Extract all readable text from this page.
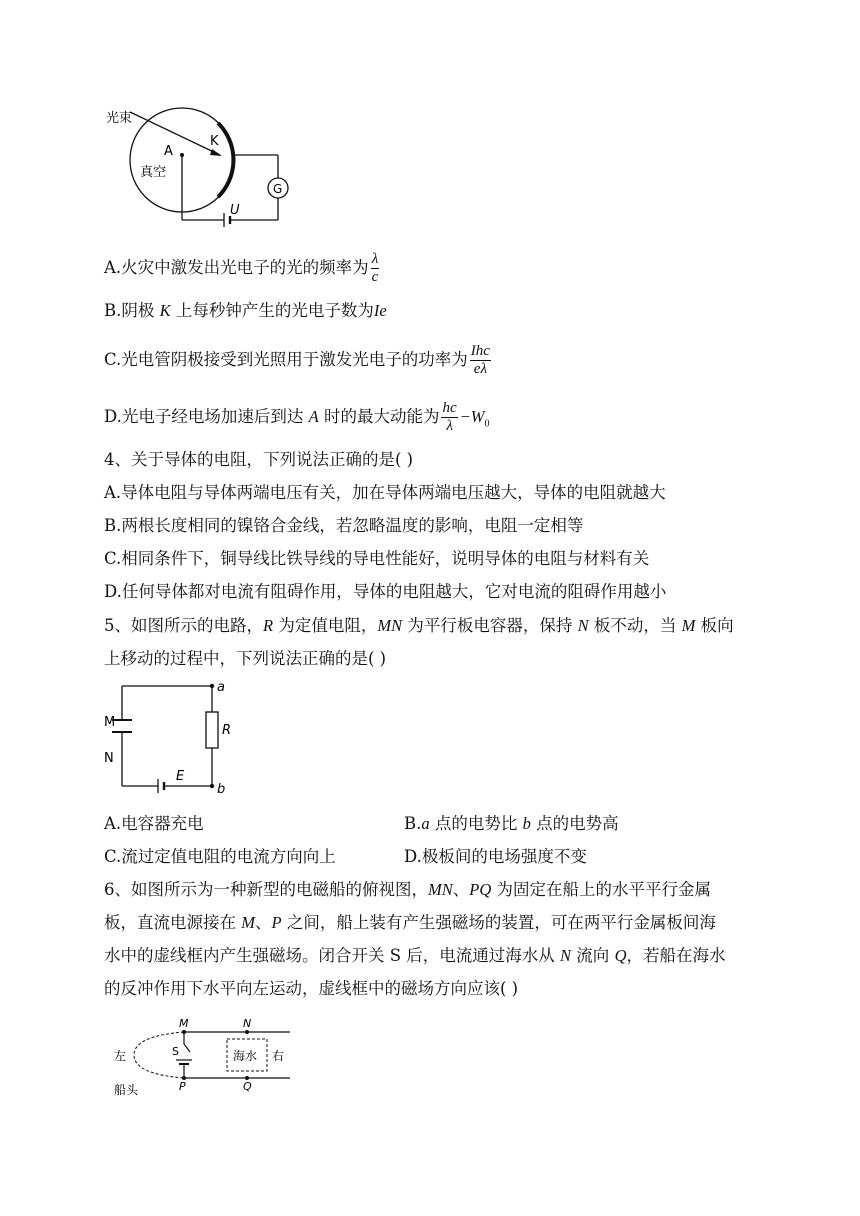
光束
K
A
真空
G
U
A.火灾中激发出光电子的光的频率为 $\frac{\lambda}{c}$
B.阴极 K 上每秒钟产生的光电子数为Ie
C.光电管阴极接受到光照用于激发光电子的功率为 $\frac{\text{Ihc}}{e\lambda}$
D.光电子经电场加速后到达 A 时的最大动能为 $\frac{hc}{\lambda} -W_0$
4、关于导体的电阻，下列说法正确的是( )
A.导体电阻与导体两端电压有关，加在导体两端电压越大，导体的电阻就越大
B.两根长度相同的镍铬合金线，若忽略温度的影响，电阻一定相等
C.相同条件下，铜导线比铁导线的导电性能好，说明导体的电阻与材料有关
D.任何导体都对电流有阻碍作用，导体的电阻越大，它对电流的阻碍作用越小
5、如图所示的电路，R 为定值电阻，MN 为平行板电容器，保持 N 板不动，当 M 板向
上移动的过程中，下列说法正确的是( )
a
b
R
M
N
E
A.电容器充电	B.a 点的电势比 b 点的电势高
C.流过定值电阻的电流方向向上	D.极板间的电场强度不变
6、如图所示为一种新型的电磁船的俯视图，MN、PQ 为固定在船上的水平平行金属
板，直流电源接在 M、P 之间，船上装有产生强磁场的装置，可在两平行金属板间海
水中的虚线框内产生强磁场。闭合开关 S 后，电流通过海水从 N 流向 Q，若船在海水
的反冲作用下水平向左运动，虚线框中的磁场方向应该( )
M	N
P	Q
左	右
S	海水
船头
